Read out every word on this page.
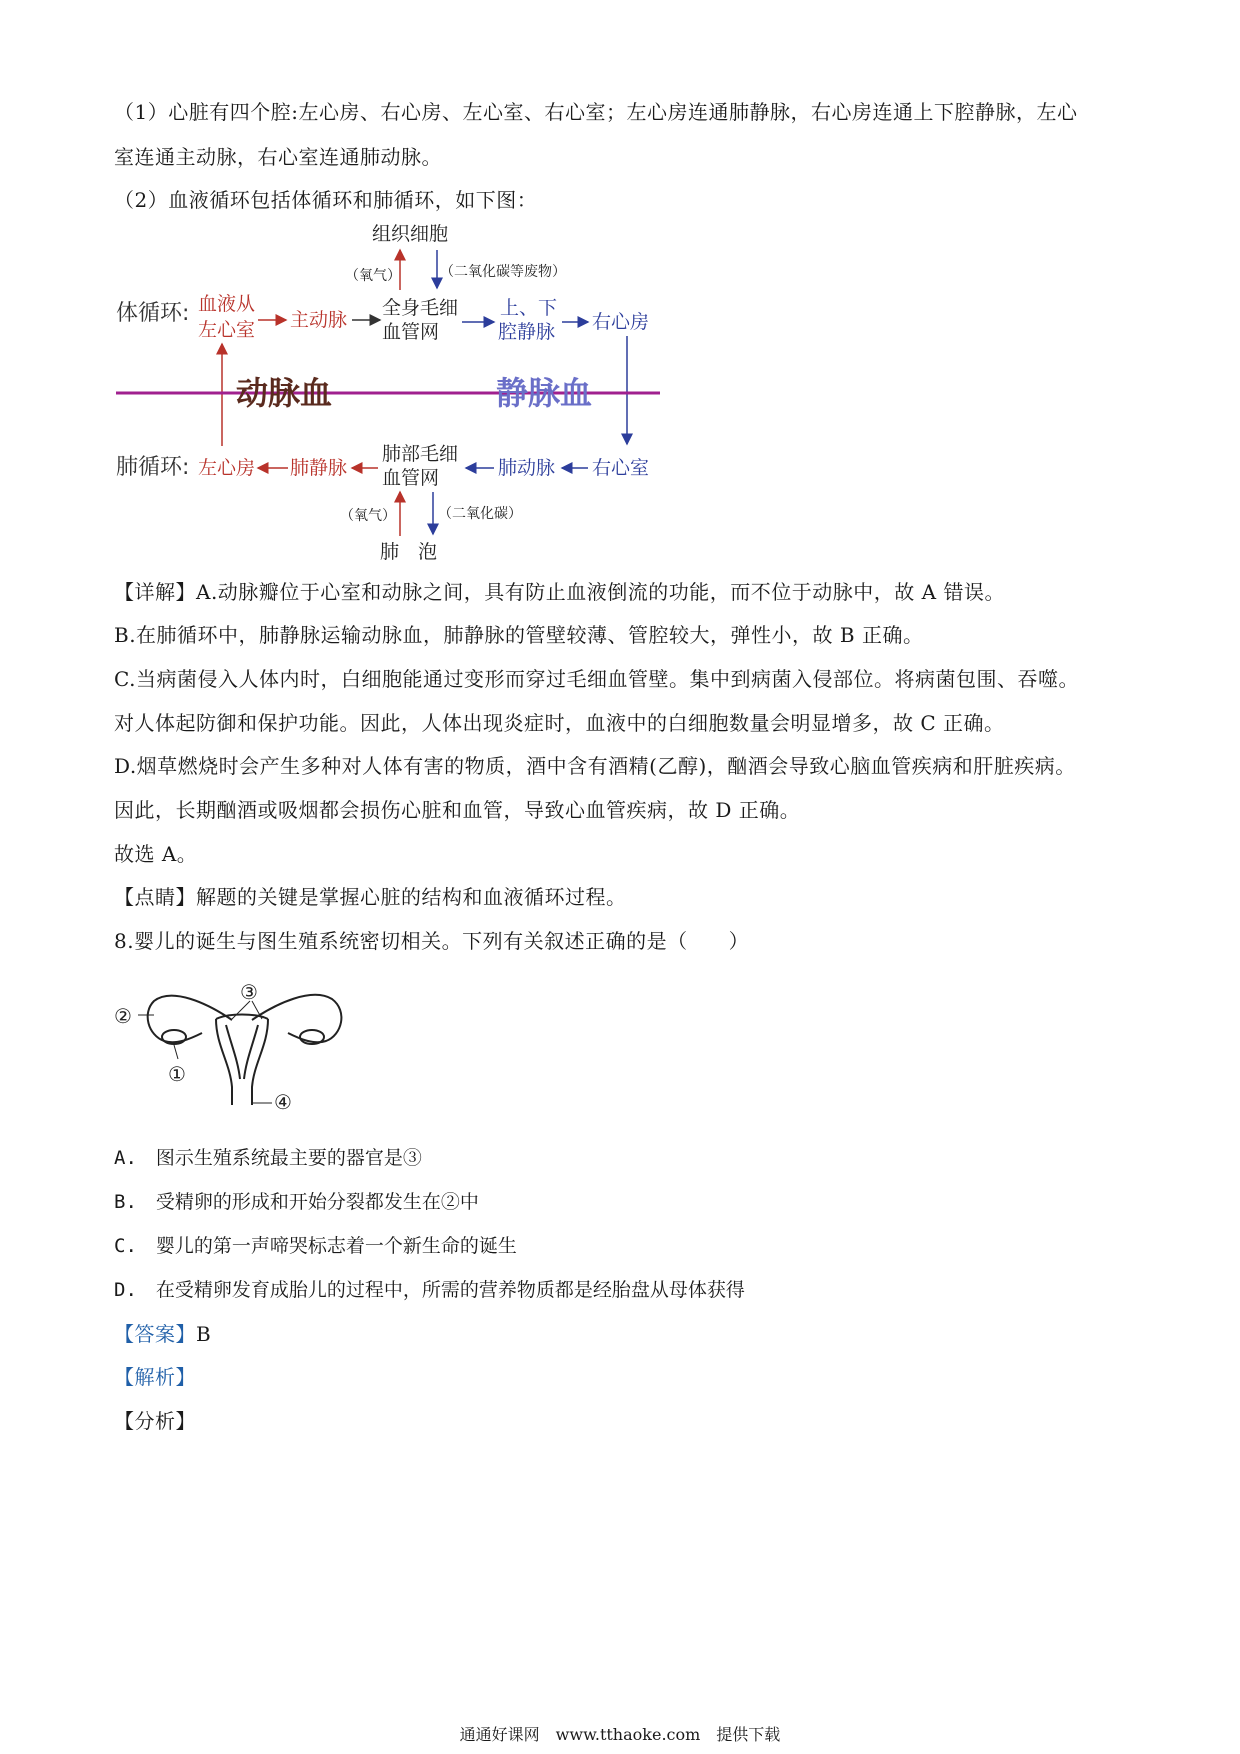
（1）心脏有四个腔:左心房、右心房、左心室、右心室；左心房连通肺静脉，右心房连通上下腔静脉，左心
室连通主动脉，右心室连通肺动脉。
（2）血液循环包括体循环和肺循环，如下图：
组织细胞
（氧气）	（二氧化碳等废物）
体循环: 血液从
左心室 主动脉
全身毛细
血管网
上、下
腔静脉 右心房
动脉血	静脉血
肺循环: 左心房 肺静脉
肺部毛细
血管网	肺动脉 右心室
（氧气）	（二氧化碳）
肺　泡
【详解】A.动脉瓣位于心室和动脉之间，具有防止血液倒流的功能，而不位于动脉中，故 A 错误。
B.在肺循环中，肺静脉运输动脉血，肺静脉的管壁较薄、管腔较大，弹性小，故 B 正确。
C.当病菌侵入人体内时，白细胞能通过变形而穿过毛细血管壁。集中到病菌入侵部位。将病菌包围、吞噬。
对人体起防御和保护功能。因此，人体出现炎症时，血液中的白细胞数量会明显增多，故 C 正确。
D.烟草燃烧时会产生多种对人体有害的物质，酒中含有酒精(乙醇)，酗酒会导致心脑血管疾病和肝脏疾病。
因此，长期酗酒或吸烟都会损伤心脏和血管，导致心血管疾病，故 D 正确。
故选 A。
【点睛】解题的关键是掌握心脏的结构和血液循环过程。
8.婴儿的诞生与图生殖系统密切相关。下列有关叙述正确的是（　　）
①
②
③
④
A.　图示生殖系统最主要的器官是③
B.　受精卵的形成和开始分裂都发生在②中
C.　婴儿的第一声啼哭标志着一个新生命的诞生
D.　在受精卵发育成胎儿的过程中，所需的营养物质都是经胎盘从母体获得
【答案】B
【解析】
【分析】
通通好课网　www.tthaoke.com　提供下载
